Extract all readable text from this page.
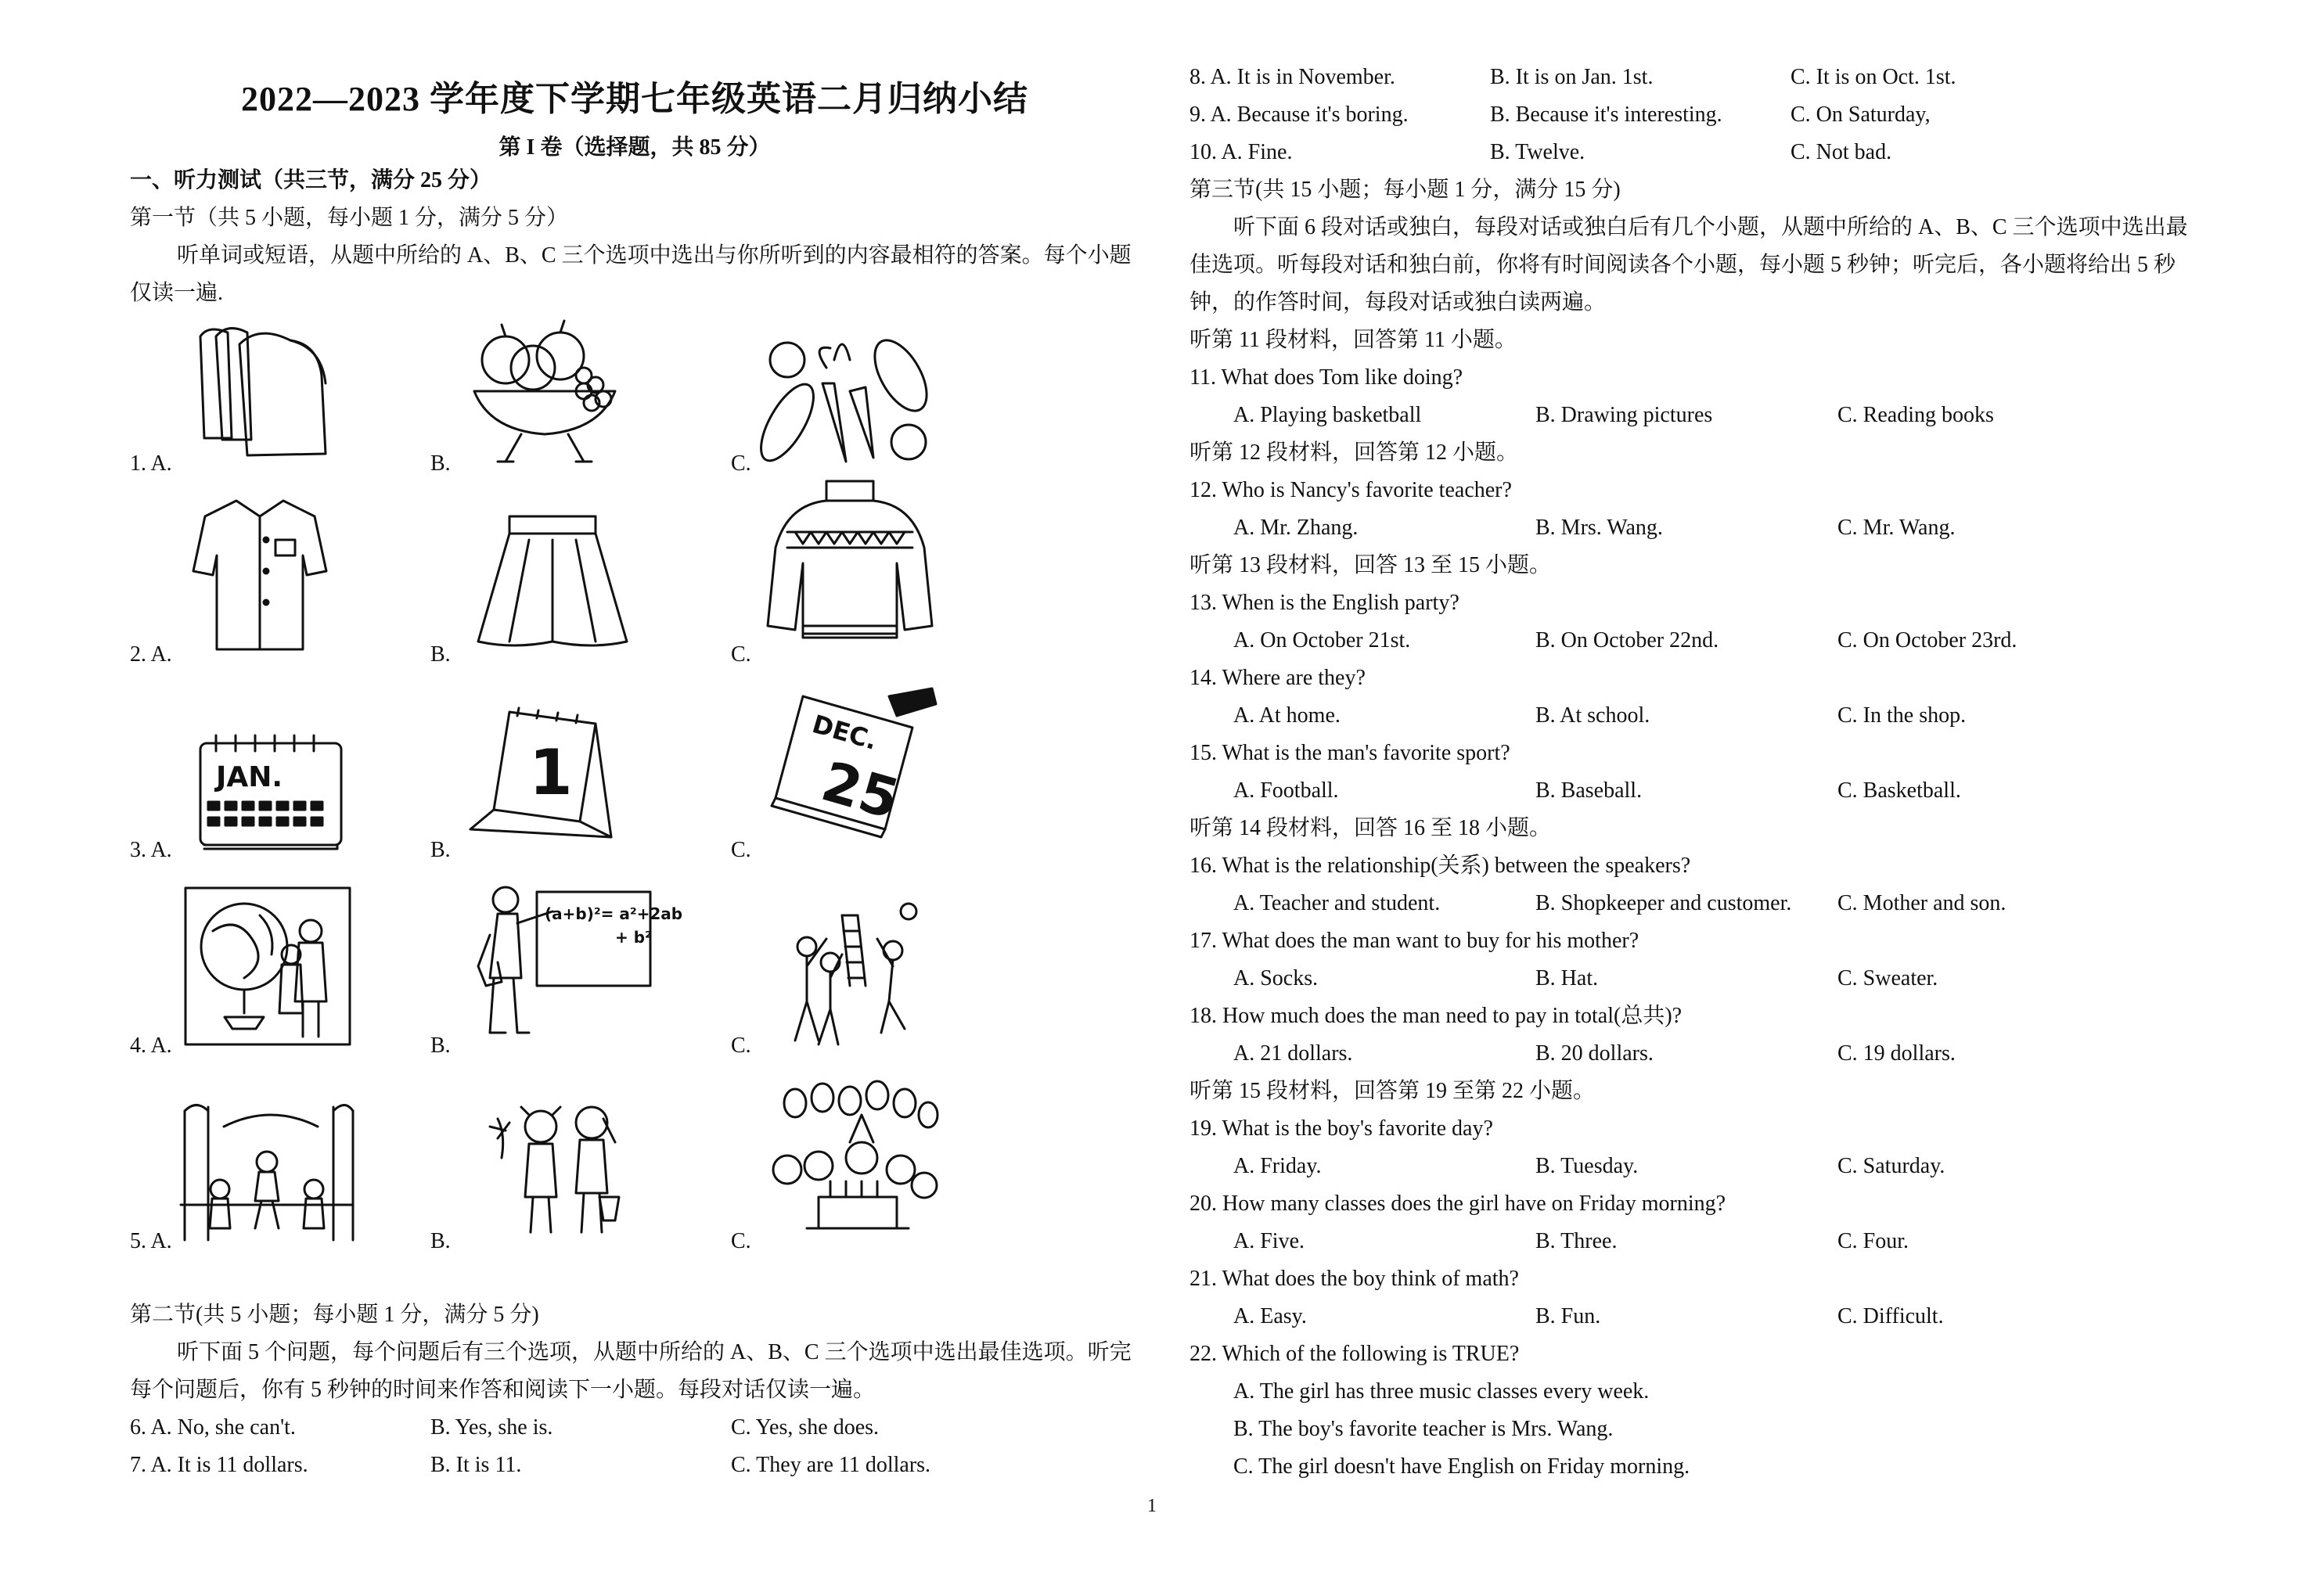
2022—2023 学年度下学期七年级英语二月归纳小结
第 I 卷（选择题，共 85 分）
一、听力测试（共三节，满分 25 分）
第一节（共 5 小题，每小题 1 分，满分 5 分）
听单词或短语，从题中所给的 A、B、C 三个选项中选出与你所听到的内容最相符的答案。每个小题
仅读一遍.
1. A.	B.	C.
2. A.	B.	C.
3. A.	B.	C.
JAN.	1
DEC.
25
4. A.	B.	C.
(a+b)²= a²+2ab
+ b²
5. A.	B.	C.
第二节(共 5 小题；每小题 1 分，满分 5 分)
听下面 5 个问题，每个问题后有三个选项，从题中所给的 A、B、C 三个选项中选出最佳选项。听完
每个问题后，你有 5 秒钟的时间来作答和阅读下一小题。每段对话仅读一遍。
6. A. No, she can't.	B. Yes, she is.	C. Yes, she does.
7. A. It is 11 dollars.	B. It is 11.	C. They are 11 dollars.
8. A. It is in November.	B. It is on Jan. 1st.	C. It is on Oct. 1st.
9. A. Because it's boring.	B. Because it's interesting.	C. On Saturday,
10. A. Fine.	B. Twelve.	C. Not bad.
第三节(共 15 小题；每小题 1 分，满分 15 分)
听下面 6 段对话或独白，每段对话或独白后有几个小题，从题中所给的 A、B、C 三个选项中选出最
佳选项。听每段对话和独白前，你将有时间阅读各个小题，每小题 5 秒钟；听完后，各小题将给出 5 秒
钟，的作答时间，每段对话或独白读两遍。
听第 11 段材料，回答第 11 小题。
11. What does Tom like doing?
A. Playing basketball	B. Drawing pictures	C. Reading books
听第 12 段材料，回答第 12 小题。
12. Who is Nancy's favorite teacher?
A. Mr. Zhang.	B. Mrs. Wang.	C. Mr. Wang.
听第 13 段材料，回答 13 至 15 小题。
13. When is the English party?
A. On October 21st.	B. On October 22nd.	C. On October 23rd.
14. Where are they?
A. At home.	B. At school.	C. In the shop.
15. What is the man's favorite sport?
A. Football.	B. Baseball.	C. Basketball.
听第 14 段材料，回答 16 至 18 小题。
16. What is the relationship(关系) between the speakers?
A. Teacher and student.	B. Shopkeeper and customer. C. Mother and son.
17. What does the man want to buy for his mother?
A. Socks.	B. Hat.	C. Sweater.
18. How much does the man need to pay in total(总共)?
A. 21 dollars.	B. 20 dollars.	C. 19 dollars.
听第 15 段材料，回答第 19 至第 22 小题。
19. What is the boy's favorite day?
A. Friday.	B. Tuesday.	C. Saturday.
20. How many classes does the girl have on Friday morning?
A. Five.	B. Three.	C. Four.
21. What does the boy think of math?
A. Easy.	B. Fun.	C. Difficult.
22. Which of the following is TRUE?
A. The girl has three music classes every week.
B. The boy's favorite teacher is Mrs. Wang.
C. The girl doesn't have English on Friday morning.
1
